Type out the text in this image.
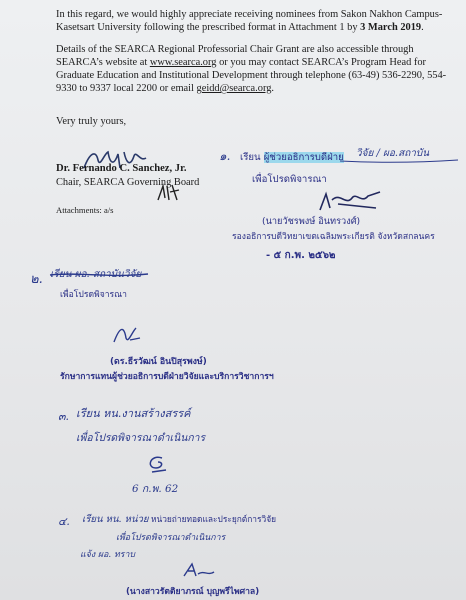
In this regard, we would highly appreciate receiving nominees from Sakon Nakhon Campus-
Kasetsart University following the prescribed format in Attachment 1 by 3 March 2019.
Details of the SEARCA Regional Professorial Chair Grant are also accessible through
SEARCA’s website at www.searca.org or you may contact SEARCA’s Program Head for
Graduate Education and Institutional Development through telephone (63-49) 536-2290, 554-
9330 to 9337 local 2200 or email geidd@searca.org.
Very truly yours,
Dr. Fernando C. Sanchez, Jr.
Chair, SEARCA Governing Board
Attachments: a/s
๑. เรียน ผู้ช่วยอธิการบดีฝ่าย วิจัย / ผอ.สถาบัน
เพื่อโปรดพิจารณา
(นายวัชรพงษ์ อินทรวงศ์)
รองอธิการบดีวิทยาเขตเฉลิมพระเกียรติ จังหวัดสกลนคร
- ๕ ก.พ. ๒๕๖๒
๒. เรียน ผอ. สถาบันวิจัย
เพื่อโปรดพิจารณา
(ดร.ธีรวัฒน์ อินปิสุรพงษ์)
รักษาการแทนผู้ช่วยอธิการบดีฝ่ายวิจัยและบริการวิชาการฯ
๓. เรียน หน.งานสร้างสรรค์
เพื่อโปรดพิจารณาดำเนินการ
6 ก.พ. 62
๔. เรียน หน. หน่วย หน่วยถ่ายทอดและประยุกต์การวิจัย
เพื่อโปรดพิจารณาดำเนินการ
แจ้ง ผอ. ทราบ
(นางสาวรัตติยาภรณ์ บุญพรีไพศาล)
